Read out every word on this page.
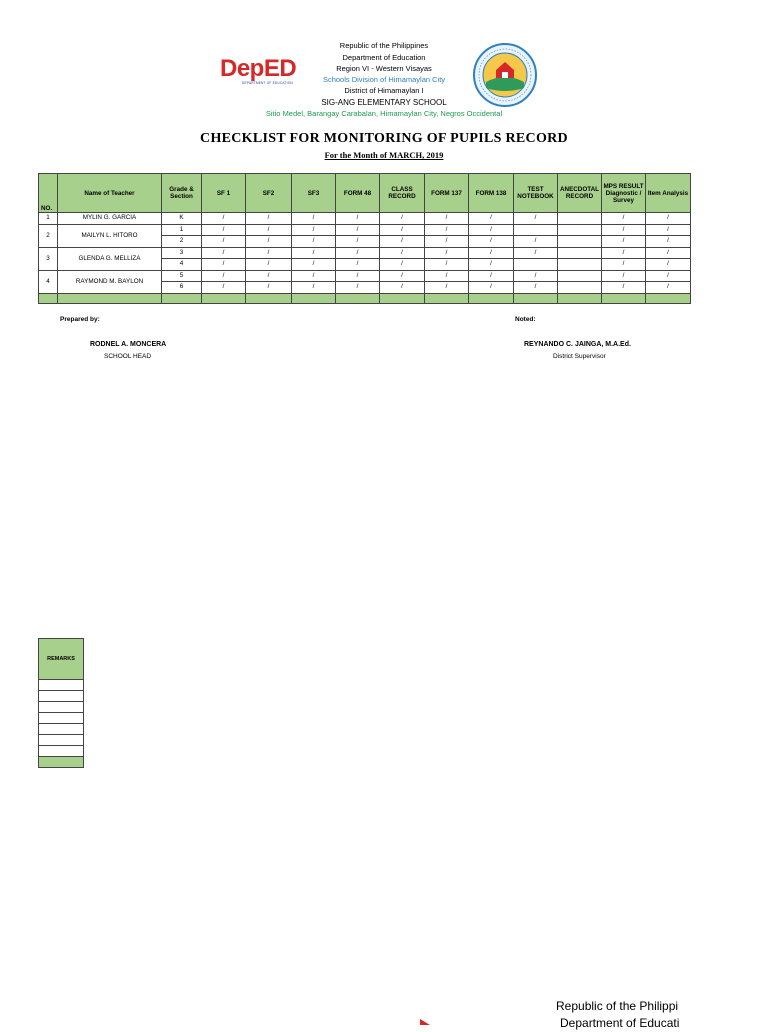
DepED
DEPARTMENT OF EDUCATION
Republic of the Philippines
Department of Education
Region VI - Western Visayas
Schools Division of Himamaylan City
District of Himamaylan I
SIG-ANG ELEMENTARY SCHOOL
Sitio Medel, Barangay Carabalan, Himamaylan City, Negros Occidental
CHECKLIST FOR MONITORING OF PUPILS RECORD
For the Month of MARCH, 2019
NO.	Name of Teacher	Grade & Section	SF 1	SF2	SF3	FORM 48	CLASS RECORD	FORM 137	FORM 138	TEST NOTEBOOK	ANECDOTAL RECORD	MPS RESULT Diagnostic / Survey	Item Analysis
1	MYLIN G. GARCIA	K	/	/	/	/	/	/	/	/		/	/
2	MAILYN L. HITORO	1	/	/	/	/	/	/	/			/	/
		2	/	/	/	/	/	/	/	/		/	/
3	GLENDA G. MELLIZA	3	/	/	/	/	/	/	/	/		/	/
		4	/	/	/	/	/	/	/			/	/
4	RAYMOND M. BAYLON	5	/	/	/	/	/	/	/	/		/	/
		6	/	/	/	/	/	/	/	/		/	/

Prepared by:
RODNEL A. MONCERA
SCHOOL HEAD
Noted:
REYNANDO C. JAINGA, M.A.Ed.
District Supervisor
REMARKS

Republic of the Philippi
Department of Educati
